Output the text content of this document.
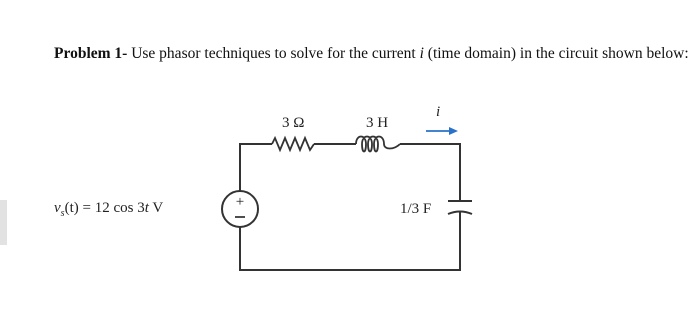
Problem 1- Use phasor techniques to solve for the current i (time domain) in the circuit shown below:
+
3 Ω	3 H
i
1/3 F
$v_s(t) = 12$ cos 3t V
